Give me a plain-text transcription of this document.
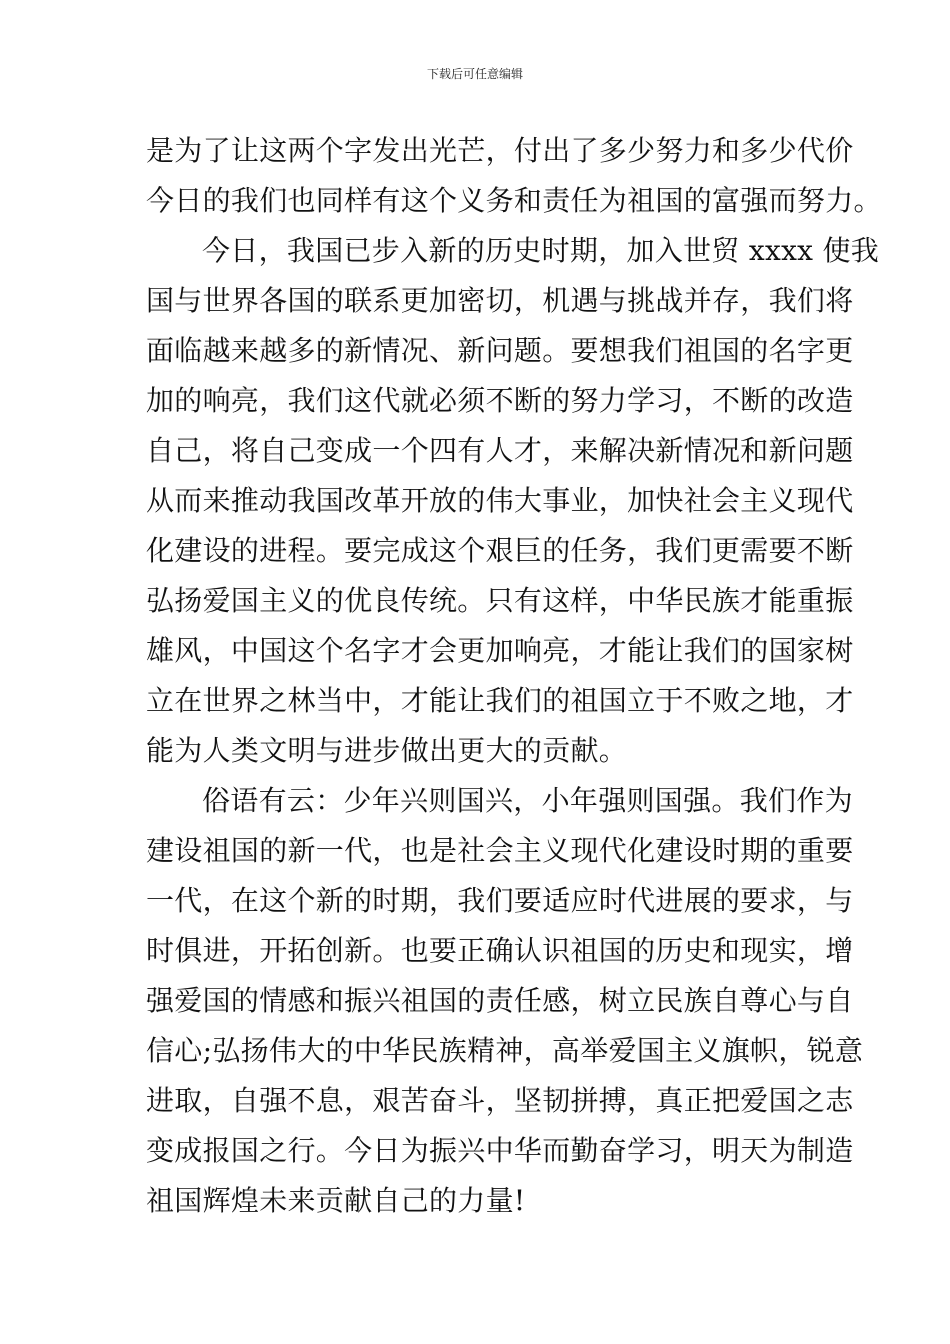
下载后可任意编辑
是为了让这两个字发出光芒，付出了多少努力和多少代价
今日的我们也同样有这个义务和责任为祖国的富强而努力。
今日，我国已步入新的历史时期，加入世贸 xxxx 使我
国与世界各国的联系更加密切，机遇与挑战并存，我们将
面临越来越多的新情况、新问题。要想我们祖国的名字更
加的响亮，我们这代就必须不断的努力学习，不断的改造
自己，将自己变成一个四有人才，来解决新情况和新问题
从而来推动我国改革开放的伟大事业，加快社会主义现代
化建设的进程。要完成这个艰巨的任务，我们更需要不断
弘扬爱国主义的优良传统。只有这样，中华民族才能重振
雄风，中国这个名字才会更加响亮，才能让我们的国家树
立在世界之林当中，才能让我们的祖国立于不败之地，才
能为人类文明与进步做出更大的贡献。
俗语有云：少年兴则国兴，小年强则国强。我们作为
建设祖国的新一代，也是社会主义现代化建设时期的重要
一代，在这个新的时期，我们要适应时代进展的要求，与
时俱进，开拓创新。也要正确认识祖国的历史和现实，增
强爱国的情感和振兴祖国的责任感，树立民族自尊心与自
信心;弘扬伟大的中华民族精神，高举爱国主义旗帜，锐意
进取，自强不息，艰苦奋斗，坚韧拼搏，真正把爱国之志
变成报国之行。今日为振兴中华而勤奋学习，明天为制造
祖国辉煌未来贡献自己的力量!
